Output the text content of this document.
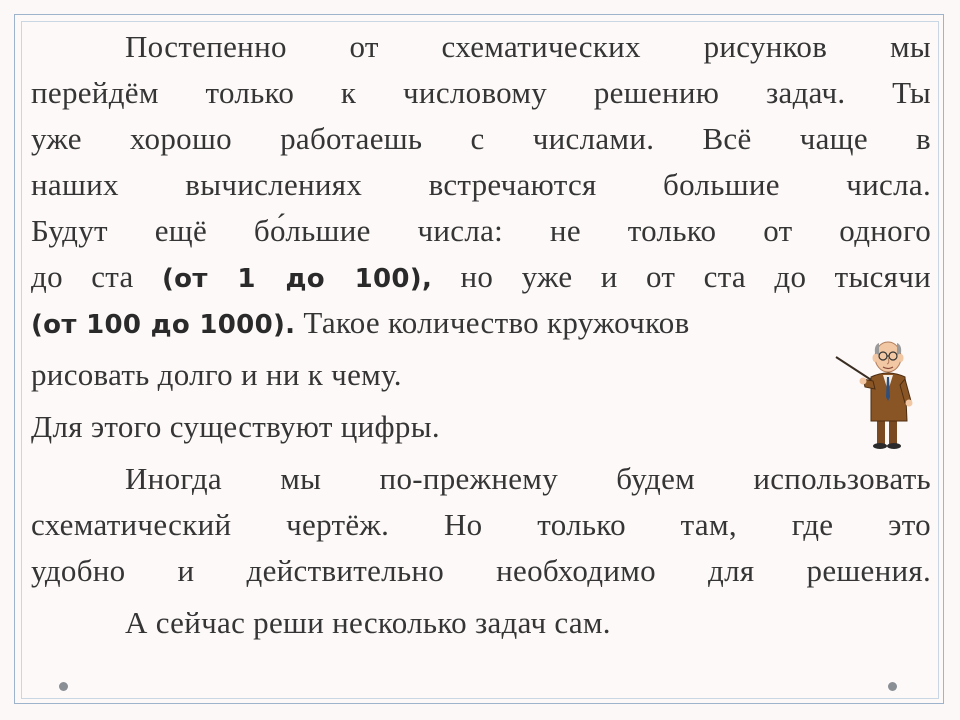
Постепенно от схематических рисунков мы
перейдём только к числовому решению задач. Ты
уже хорошо работаешь с числами. Всё чаще в
наших вычислениях встречаются большие числа.
Будут ещё бо́льшие числа: не только от одного
до ста (от 1 до 100), но уже и от ста до тысячи
(от 100 до 1000). Такое количество кружочков
рисовать долго и ни к чему.
Для этого существуют цифры.
Иногда мы по-прежнему будем использовать
схематический чертёж. Но только там, где это
удобно и действительно необходимо для решения.
А сейчас реши несколько задач сам.
